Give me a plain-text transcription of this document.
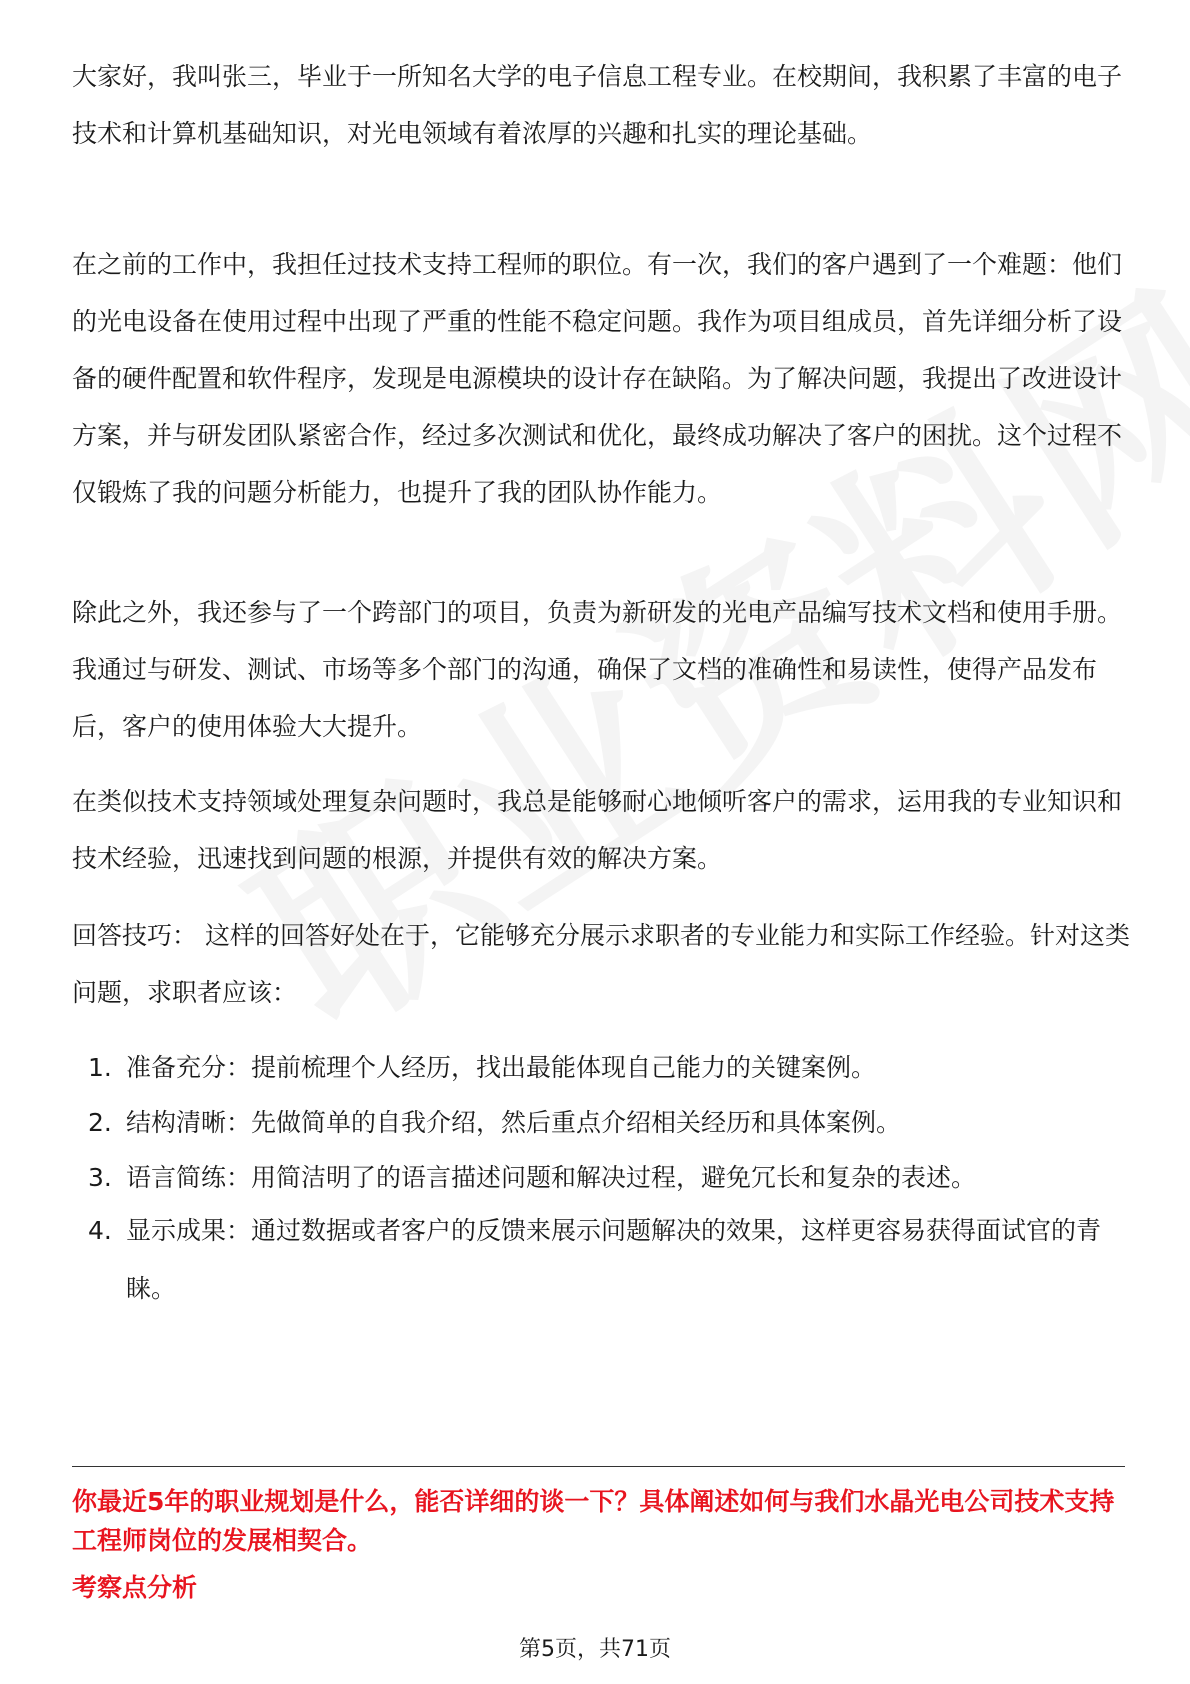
大家好，我叫张三，毕业于一所知名大学的电子信息工程专业。在校期间，我积累了丰富的电子技术和计算机基础知识，对光电领域有着浓厚的兴趣和扎实的理论基础。

在之前的工作中，我担任过技术支持工程师的职位。有一次，我们的客户遇到了一个难题：他们的光电设备在使用过程中出现了严重的性能不稳定问题。我作为项目组成员，首先详细分析了设备的硬件配置和软件程序，发现是电源模块的设计存在缺陷。为了解决问题，我提出了改进设计方案，并与研发团队紧密合作，经过多次测试和优化，最终成功解决了客户的困扰。这个过程不仅锻炼了我的问题分析能力，也提升了我的团队协作能力。

除此之外，我还参与了一个跨部门的项目，负责为新研发的光电产品编写技术文档和使用手册。我通过与研发、测试、市场等多个部门的沟通，确保了文档的准确性和易读性，使得产品发布后，客户的使用体验大大提升。

在类似技术支持领域处理复杂问题时，我总是能够耐心地倾听客户的需求，运用我的专业知识和技术经验，迅速找到问题的根源，并提供有效的解决方案。

回答技巧： 这样的回答好处在于，它能够充分展示求职者的专业能力和实际工作经验。针对这类问题，求职者应该：

1. 准备充分：提前梳理个人经历，找出最能体现自己能力的关键案例。
2. 结构清晰：先做简单的自我介绍，然后重点介绍相关经历和具体案例。
3. 语言简练：用简洁明了的语言描述问题和解决过程，避免冗长和复杂的表述。
4. 显示成果：通过数据或者客户的反馈来展示问题解决的效果，这样更容易获得面试官的青睐。
你最近5年的职业规划是什么，能否详细的谈一下？具体阐述如何与我们水晶光电公司技术支持工程师岗位的发展相契合。
考察点分析
第5页，共71页
